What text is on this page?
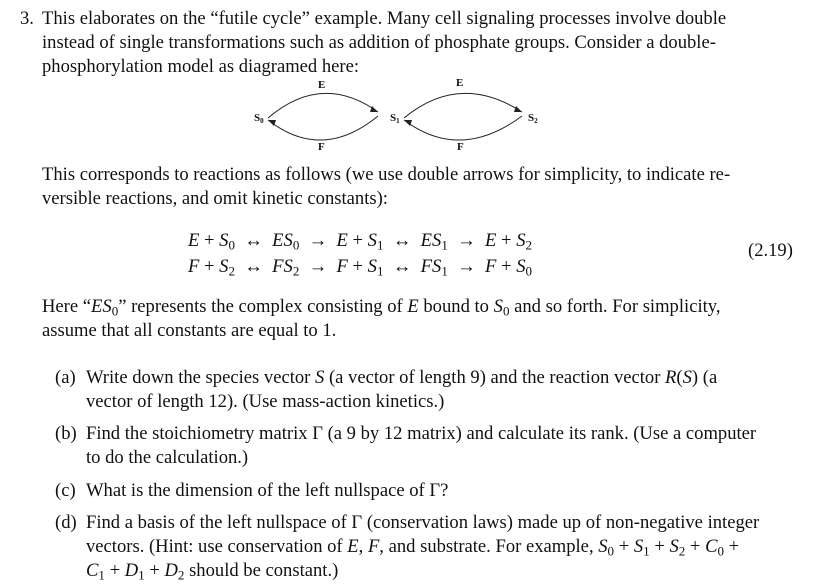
3. This elaborates on the “futile cycle” example. Many cell signaling processes involve double
instead of single transformations such as addition of phosphate groups. Consider a double-
phosphorylation model as diagramed here:
E	E
F	F
S0	S1	S2
This corresponds to reactions as follows (we use double arrows for simplicity, to indicate re-
versible reactions, and omit kinetic constants):
$E + S_0$  ↔  $ES_0 \to E + S_1$  ↔  $ES_1 \to E + S_2$
$F + S_2$  ↔  $FS_2 \to F + S_1$  ↔  $FS_1 \to F + S_0$
(2.19)
Here “$ES_0$” represents the complex consisting of E bound to $S_0$ and so forth. For simplicity,
assume that all constants are equal to 1.
(a) Write down the species vector S (a vector of length 9) and the reaction vector R(S) (a
vector of length 12). (Use mass-action kinetics.)
(b) Find the stoichiometry matrix Γ (a 9 by 12 matrix) and calculate its rank. (Use a computer
to do the calculation.)
(c) What is the dimension of the left nullspace of Γ?
(d) Find a basis of the left nullspace of Γ (conservation laws) made up of non-negative integer
vectors. (Hint: use conservation of E, F, and substrate. For example, $S_0 + S_1 + S_2 + C_0$ +
$C_1 + D_1 + D_2$ should be constant.)
